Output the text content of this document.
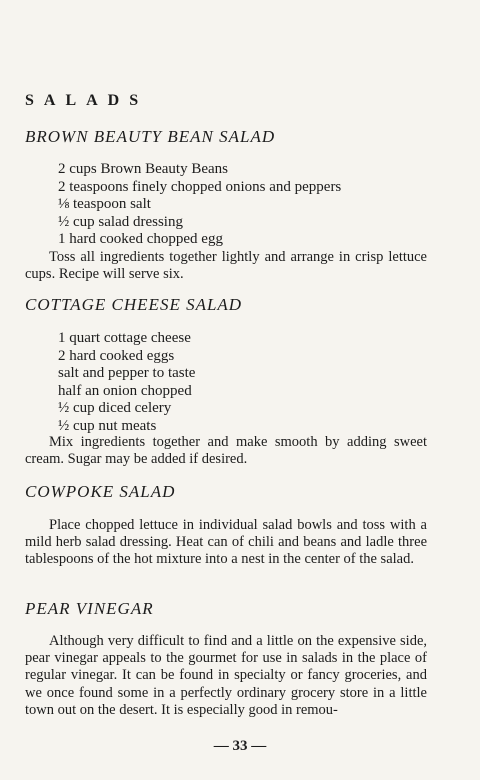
SALADS
BROWN BEAUTY BEAN SALAD
2 cups Brown Beauty Beans
2 teaspoons finely chopped onions and peppers
⅛ teaspoon salt
½ cup salad dressing
1 hard cooked chopped egg

Toss all ingredients together lightly and arrange in crisp lettuce cups. Recipe will serve six.

COTTAGE CHEESE SALAD
1 quart cottage cheese
2 hard cooked eggs
salt and pepper to taste
half an onion chopped
½ cup diced celery
½ cup nut meats

Mix ingredients together and make smooth by adding sweet cream. Sugar may be added if desired.

COWPOKE SALAD

Place chopped lettuce in individual salad bowls and toss with a mild herb salad dressing. Heat can of chili and beans and ladle three tablespoons of the hot mixture into a nest in the center of the salad.

PEAR VINEGAR

Although very difficult to find and a little on the expensive side, pear vinegar appeals to the gourmet for use in salads in the place of regular vinegar. It can be found in specialty or fancy groceries, and we once found some in a perfectly ordinary grocery store in a little town out on the desert. It is especially good in remou-

— 33 —
